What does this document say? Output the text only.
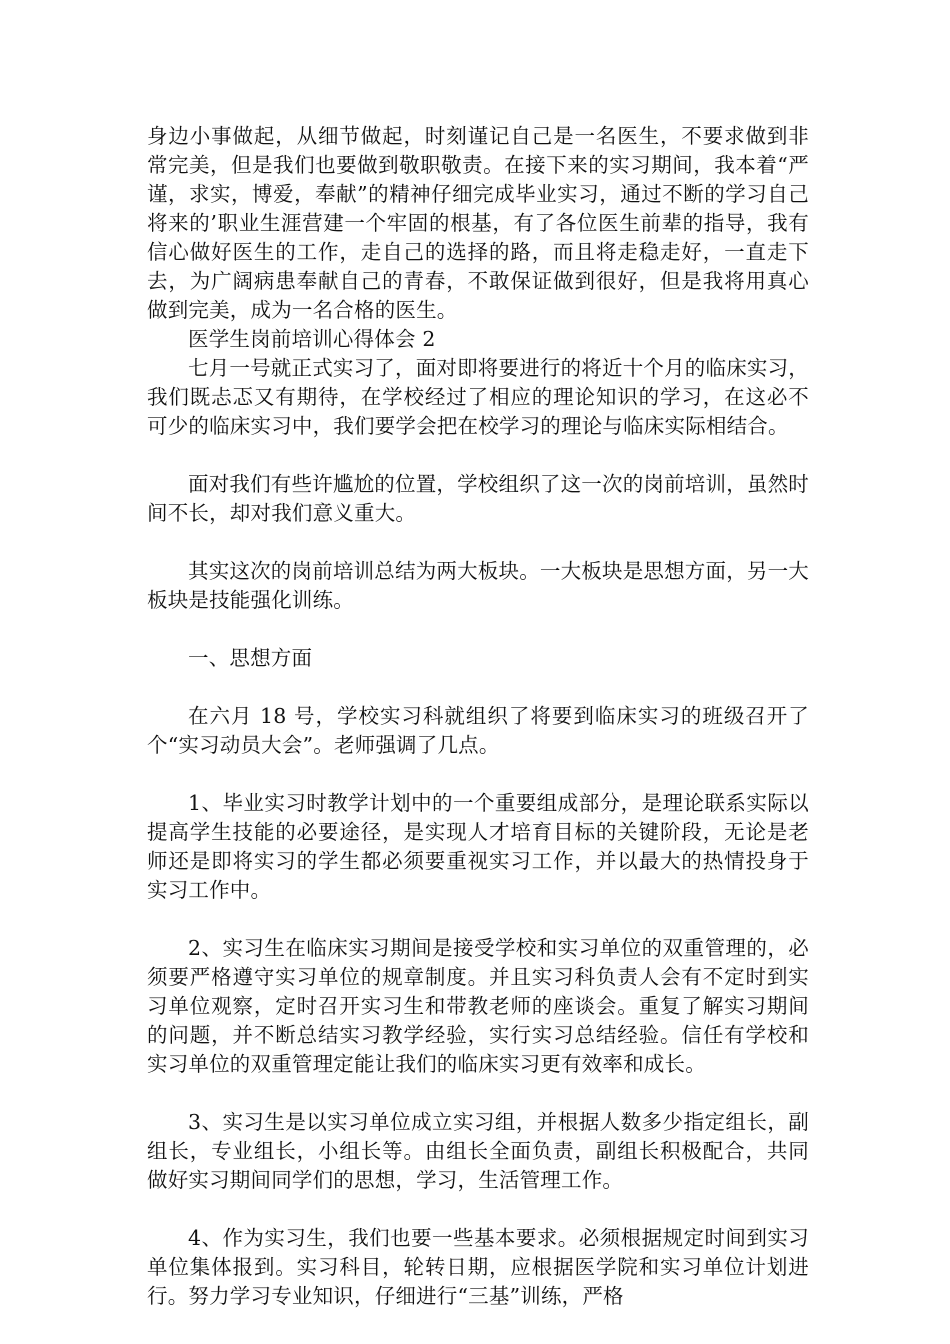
身边小事做起，从细节做起，时刻谨记自己是一名医生，不要求做到非常完美，但是我们也要做到敬职敬责。在接下来的实习期间，我本着“严谨，求实，博爱，奉献”的精神仔细完成毕业实习，通过不断的学习自己将来的’职业生涯营建一个牢固的根基，有了各位医生前辈的指导，我有信心做好医生的工作，走自己的选择的路，而且将走稳走好，一直走下去，为广阔病患奉献自己的青春，不敢保证做到很好，但是我将用真心做到完美，成为一名合格的医生。

医学生岗前培训心得体会 2

七月一号就正式实习了，面对即将要进行的将近十个月的临床实习，我们既忐忑又有期待，在学校经过了相应的理论知识的学习，在这必不可少的临床实习中，我们要学会把在校学习的理论与临床实际相结合。

面对我们有些许尴尬的位置，学校组织了这一次的岗前培训，虽然时间不长，却对我们意义重大。

其实这次的岗前培训总结为两大板块。一大板块是思想方面，另一大板块是技能强化训练。

一、思想方面

在六月 18 号，学校实习科就组织了将要到临床实习的班级召开了个“实习动员大会”。老师强调了几点。

1、毕业实习时教学计划中的一个重要组成部分，是理论联系实际以提高学生技能的必要途径，是实现人才培育目标的关键阶段，无论是老师还是即将实习的学生都必须要重视实习工作，并以最大的热情投身于实习工作中。

2、实习生在临床实习期间是接受学校和实习单位的双重管理的，必须要严格遵守实习单位的规章制度。并且实习科负责人会有不定时到实习单位观察，定时召开实习生和带教老师的座谈会。重复了解实习期间的问题，并不断总结实习教学经验，实行实习总结经验。信任有学校和实习单位的双重管理定能让我们的临床实习更有效率和成长。

3、实习生是以实习单位成立实习组，并根据人数多少指定组长，副组长，专业组长，小组长等。由组长全面负责，副组长积极配合，共同做好实习期间同学们的思想，学习，生活管理工作。

4、作为实习生，我们也要一些基本要求。必须根据规定时间到实习单位集体报到。实习科目，轮转日期，应根据医学院和实习单位计划进行。努力学习专业知识，仔细进行“三基”训练，严格
